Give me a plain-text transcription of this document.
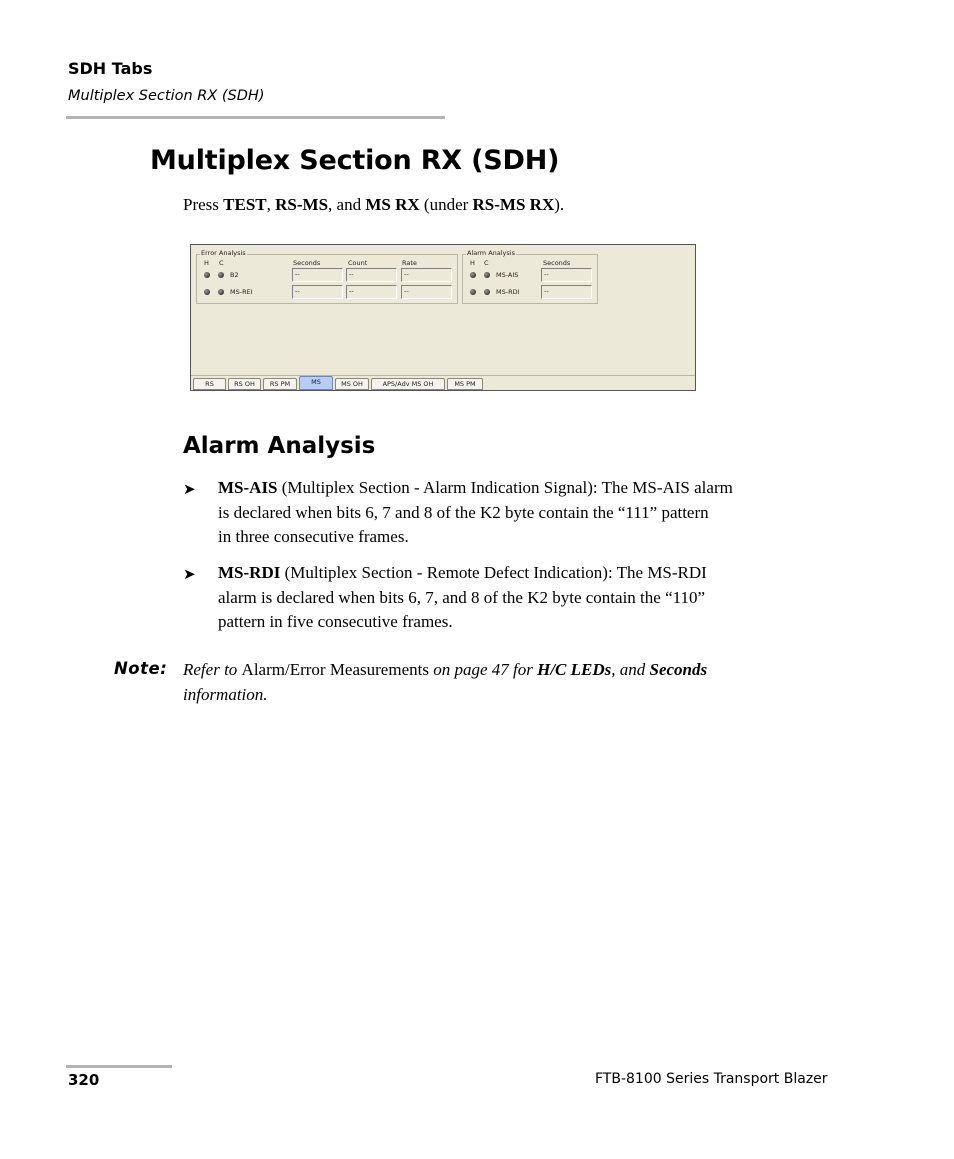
SDH Tabs
Multiplex Section RX (SDH)
Multiplex Section RX (SDH)
Press TEST, RS-MS, and MS RX (under RS-MS RX).
Error Analysis
H C	Seconds	Count	Rate
B2	--	--	--
MS-REI	--	--	--
Alarm Analysis
H C	Seconds
MS-AIS	--
MS-RDI	--
RS	RS OH	RS PM	MS	MS OH	APS/Adv MS OH	MS PM
Alarm Analysis
➤ MS-AIS (Multiplex Section - Alarm Indication Signal): The MS-AIS alarm
is declared when bits 6, 7 and 8 of the K2 byte contain the “111” pattern
in three consecutive frames.
➤ MS-RDI (Multiplex Section - Remote Defect Indication): The MS-RDI
alarm is declared when bits 6, 7, and 8 of the K2 byte contain the “110”
pattern in five consecutive frames.
Note: Refer to Alarm/Error Measurements on page 47 for H/C LEDs, and Seconds
information.
320	FTB-8100 Series Transport Blazer
